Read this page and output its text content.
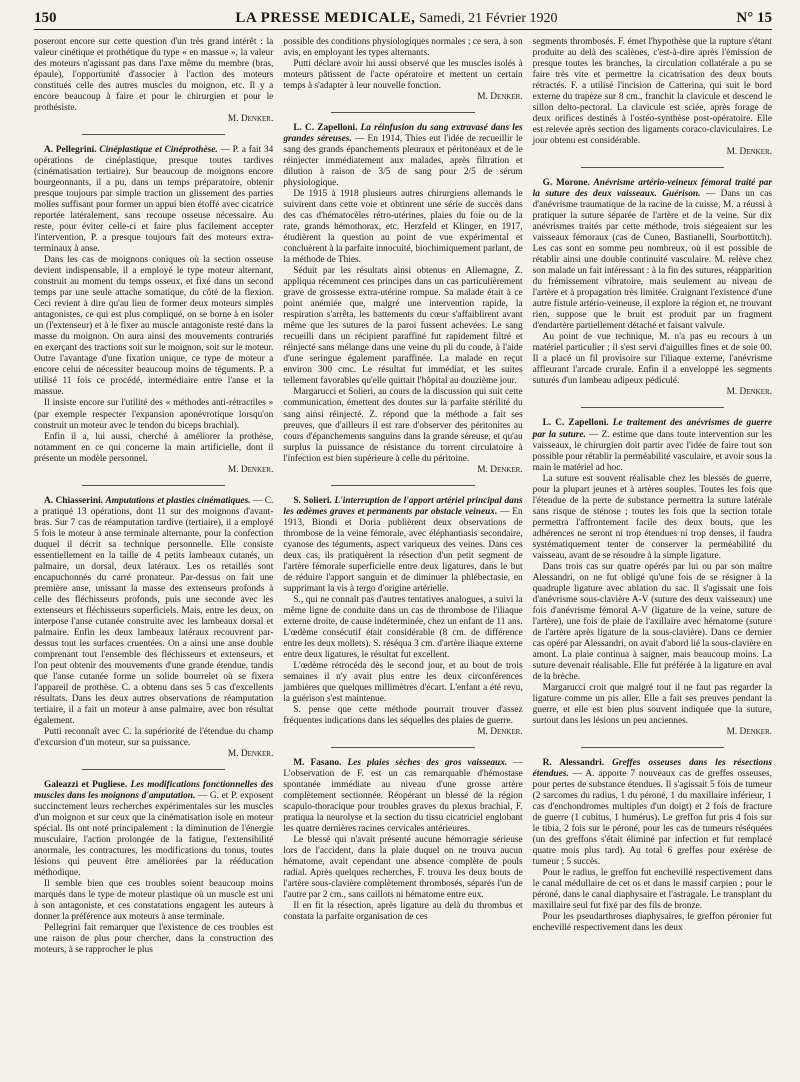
150	LA PRESSE MEDICALE, Samedi, 21 Février 1920	N° 15

poseront encore sur cette question d'un très grand intérêt : la valeur cinétique et prothétique du type « en massue », la valeur des moteurs n'agissant pas dans l'axe même du membre (bras, épaule), l'opportunité d'associer à l'action des moteurs constitués celle des autres muscles du moignon, etc. Il y a encore beaucoup à faire et pour le chirurgien et pour le prothésiste.

M. Denker.

A. Pellegrini. Cinéplastique et Cinéprothèse. — P. a fait 34 opérations de cinéplastique, presque toutes tardives (cinématisation tertiaire). Sur beaucoup de moignons encore bourgeonnants, il a pu, dans un temps préparatoire, obtenir presque toujours par simple traction un glissement des parties molles suffisant pour former un appui bien étoffé avec cicatrice reportée latéralement, sans recoupe osseuse nécessaire. Au reste, pour éviter celle-ci et faire plus facilement accepter l'intervention, P. a presque toujours fait des moteurs extra-terminaux à anse.

Dans les cas de moignons coniques où la section osseuse devient indispensable, il a employé le type moteur alternant, construit au moment du temps osseux, et fixé dans un second temps par une seule attache somatique, du côté de la flexion. Ceci revient à dire qu'au lieu de former deux moteurs simples antagonistes, ce qui est plus compliqué, on se borne à en isoler un (l'extenseur) et à le fixer au muscle antagoniste resté dans la masse du moignon. On aura ainsi des mouvements contrariés en exerçant des tractions soit sur le moignon, soit sur le moteur. Outre l'avantage d'une fixation unique, ce type de moteur a encore celui de nécessiter beaucoup moins de téguments. P. a utilisé 11 fois ce procédé, intermédiaire entre l'anse et la massue.

Il insiste encore sur l'utilité des « méthodes anti-rétractiles » (par exemple respecter l'expansion aponévrotique lorsqu'on construit un moteur avec le tendon du biceps brachial).

Enfin il a, lui aussi, cherché à améliorer la prothèse, notamment en ce qui concerne la main artificielle, dont il présente un modèle personnel.

M. Denker.

A. Chiasserini. Amputations et plasties cinématiques. — C. a pratiqué 13 opérations, dont 11 sur des moignons d'avant-bras. Sur 7 cas de réamputation tardive (tertiaire), il a employé 5 fois le moteur à anse terminale alternante, pour la confection duquel il décrit sa technique personnelle. Elle consiste essentiellement en la taille de 4 petits lambeaux cutanés, un palmaire, un dorsal, deux latéraux. Les os retaillés sont encapuchonnés du carré pronateur. Par-dessus on fait une première anse, unissant la masse des extenseurs profonds à celle des fléchisseurs profonds, puis une seconde avec les extenseurs et fléchisseurs superficiels. Mais, entre les deux, on interpose l'anse cutanée construite avec les lambeaux dorsal et palmaire. Enfin les deux lambeaux latéraux recouvrent par-dessus tout les surfaces cruentées. On a ainsi une anse double comprenant tout l'ensemble des fléchisseurs et extenseurs, et l'on peut obtenir des mouvements d'une grande étendue, tandis que l'anse cutanée forme un solide bourrelet où se fixera l'appareil de prothèse. C. a obtenu dans ses 5 cas d'excellents résultats. Dans les deux autres observations de réamputation tertiaire, il a fait un moteur à anse palmaire, avec bon résultat également.

Putti reconnaît avec C. la supériorité de l'étendue du champ d'excursion d'un moteur, sur sa puissance.

M. Denker.

Galeazzi et Pugliese. Les modifications fonctionnelles des muscles dans les moignons d'amputation. — G. et P. exposent succinctement leurs recherches expérimentales sur les muscles d'un moignon et sur ceux que la cinématisation isole en moteur spécial. Ils ont noté principalement : la diminution de l'énergie musculaire, l'action prolongée de la fatigue, l'extensibilité anormale, les contractures, les modifications du tonus, toutes lésions qui peuvent être améliorées par la rééducation méthodique.

Il semble bien que ces troubles soient beaucoup moins marqués dans le type de moteur plastique où un muscle est uni à son antagoniste, et ces constatations engagent les auteurs à donner la préférence aux moteurs à anse terminale.

Pellegrini fait remarquer que l'existence de ces troubles est une raison de plus pour chercher, dans la construction des moteurs, à se rapprocher le plus

possible des conditions physiologiques normales ; ce sera, à son avis, en employant les types alternants.

Putti déclare avoir lui aussi observé que les muscles isolés à moteurs pâtissent de l'acte opératoire et mettent un certain temps à s'adapter à leur nouvelle fonction.

M. Denker.

L. C. Zapelloni. La réinfusion du sang extravasé dans les grandes séreuses. — En 1914, Thies eut l'idée de recueillir le sang des grands épanchements pleuraux et péritonéaux et de le réinjecter immédiatement aux malades, après filtration et dilution à raison de 3/5 de sang pour 2/5 de sérum physiologique.

De 1915 à 1918 plusieurs autres chirurgiens allemands le suivirent dans cette voie et obtinrent une série de succès dans des cas d'hématocèles rétro-utérines, plaies du foie ou de la rate, grands hémothorax, etc. Herzfeld et Klinger, en 1917, étudièrent la question au point de vue expérimental et concluèrent à la parfaite innocuité, biochimiquement parlant, de la méthode de Thies.

Séduit par les résultats ainsi obtenus en Allemagne, Z. appliqua récemment ces principes dans un cas particulièrement grave de grossesse extra-utérine rompue. Sa malade était à ce point anémiée que, malgré une intervention rapide, la respiration s'arrêta, les battements du cœur s'affaiblirent avant même que les sutures de la paroi fussent achevées. Le sang recueilli dans un récipient paraffiné fut rapidement filtré et réinjecté sans mélange dans une veine du pli du coude, à l'aide d'une seringue également paraffinée. La malade en reçut environ 300 cmc. Le résultat fut immédiat, et les suites tellement favorables qu'elle quittait l'hôpital au douzième jour.

Margarucci et Solieri, au cours de la discussion qui suit cette communication, émettent des doutes sur la parfaite stérilité du sang ainsi réinjecté. Z. répond que la méthode a fait ses preuves, que d'ailleurs il est rare d'observer des péritonites au cours d'épanchements sanguins dans la grande séreuse, et qu'au surplus la puissance de résistance du torrent circulatoire à l'infection est bien supérieure à celle du péritoine.

M. Denker.

S. Solieri. L'interruption de l'apport artériel principal dans les œdèmes graves et permanents par obstacle veineux. — En 1913, Biondi et Doria publièrent deux observations de thrombose de la veine fémorale, avec éléphantiasis secondaire, cyanose des téguments, aspect variqueux des veines. Dans ces deux cas, ils pratiquèrent la résection d'un petit segment de l'artère fémorale superficielle entre deux ligatures, dans le but de réduire l'apport sanguin et de diminuer la phlébectasie, en supprimant la vis à tergo d'origine artérielle.

S., qui ne connaît pas d'autres tentatives analogues, a suivi la même ligne de conduite dans un cas de thrombose de l'iliaque externe droite, de cause indéterminée, chez un enfant de 11 ans. L'œdème consécutif était considérable (8 cm. de différence entre les deux mollets). S. réséqua 3 cm. d'artère iliaque externe entre deux ligatures, le résultat fut excellent.

L'œdème rétrocéda dès le second jour, et au bout de trois semaines il n'y avait plus entre les deux circonférences jambières que quelques millimètres d'écart. L'enfant a été revu, la guérison s'est maintenue.

S. pense que cette méthode pourrait trouver d'assez fréquentes indications dans les séquelles des plaies de guerre.

M. Denker.

M. Fasano. Les plaies sèches des gros vaisseaux. — L'observation de F. est un cas remarquable d'hémostase spontanée immédiate au niveau d'une grosse artère complètement sectionnée. Réopérant un blessé de la région scapulo-thoracique pour troubles graves du plexus brachial, F. pratiqua la neurolyse et la section du tissu cicatriciel englobant les quatre dernières racines cervicales antérieures.

Le blessé qui n'avait présenté aucune hémorragie sérieuse lors de l'accident, dans la plaie duquel on ne trouva aucun hématome, avait cependant une absence complète de pouls radial. Après quelques recherches, F. trouva les deux bouts de l'artère sous-clavière complètement thrombosés, séparés l'un de l'autre par 2 cm., sans caillots ni hématome entre eux.

Il en fit la résection, après ligature au delà du thrombus et constata la parfaite organisation de ces

segments thrombosés. F. émet l'hypothèse que la rupture s'étant produite au delà des scalènes, c'est-à-dire après l'émission de presque toutes les branches, la circulation collatérale a pu se faire très vite et permettre la cicatrisation des deux bouts rétractés. F. a utilisé l'incision de Catterina, qui suit le bord externe du trapèze sur 8 cm., franchit la clavicule et descend le sillon delto-pectoral. La clavicule est sciée, après forage de deux orifices destinés à l'ostéo-synthèse post-opératoire. Elle est relevée après section des ligaments coraco-claviculaires. Le jour obtenu est considérable.

M. Denker.

G. Morone. Anévrisme artério-veineux fémoral traité par la suture des deux vaisseaux. Guérison. — Dans un cas d'anévrisme traumatique de la racine de la cuisse, M. a réussi à pratiquer la suture séparée de l'artère et de la veine. Sur dix anévrismes traités par cette méthode, trois siégeaient sur les vaisseaux fémoraux (cas de Cuneo, Bastianelli, Sourbottitch). Les cas sont en somme peu nombreux, où il est possible de rétablir ainsi une double continuité vasculaire. M. relève chez son malade un fait intéressant : à la fin des sutures, réapparition du frémissement vibratoire, mais seulement au niveau de l'artère et à propagation très limitée. Craignant l'existence d'une autre fistule artério-veineuse, il explore la région et, ne trouvant rien, suppose que le bruit est produit par un fragment d'endartère partiellement détaché et faisant valvule.

Au point de vue technique, M. n'a pas eu recours à un matériel particulier ; il s'est servi d'aiguilles fines et de soie 00. Il a placé un fil provisoire sur l'iliaque externe, l'anévrisme affleurant l'arcade crurale. Enfin il a enveloppé les segments suturés d'un lambeau adipeux pédiculé.

M. Denker.

L. C. Zapelloni. Le traitement des anévrismes de guerre par la suture. — Z. estime que dans toute intervention sur les vaisseaux, le chirurgien doit partir avec l'idée de faire tout son possible pour rétablir la perméabilité vasculaire, et avoir sous la main le matériel ad hoc.

La suture est souvent réalisable chez les blessés de guerre, pour la plupart jeunes et à artères souples. Toutes les fois que l'étendue de la perte de substance permettra la suture latérale sans risque de sténose ; toutes les fois que la section totale permettra l'affrontement facile des deux bouts, que les adhérences ne seront ni trop étendues ni trop denses, il faudra systématiquement tenter de conserver la perméabilité du vaisseau, avant de se résoudre à la simple ligature.

Dans trois cas sur quatre opérés par lui ou par son maître Alessandri, on ne fut obligé qu'une fois de se résigner à la quadruple ligature avec ablation du sac. Il s'agissait une fois d'anévrisme sous-clavière A-V (suture des deux vaisseaux) une fois d'anévrisme fémoral A-V (ligature de la veine, suture de l'artère), une fois de plaie de l'axillaire avec hématome (suture de l'artère après ligature de la sous-clavière). Dans ce dernier cas opéré par Alessandri, on avait d'abord lié la sous-clavière en amont. La plaie continua à saigner, mais beaucoup moins. La suture devenait réalisable. Elle fut préférée à la ligature en aval de la brèche.

Margarucci croit que malgré tout il ne faut pas regarder la ligature comme un pis aller. Elle a fait ses preuves pendant la guerre, et elle est bien plus souvent indiquée que la suture, surtout dans les lésions un peu anciennes.

M. Denker.

R. Alessandri. Greffes osseuses dans les résections étendues. — A. apporte 7 nouveaux cas de greffes osseuses, pour pertes de substance étendues. Il s'agissait 5 fois de tumeur (2 sarcomes du radius, 1 du péroné, 1 du maxillaire inférieur, 1 cas d'enchondromes multiples d'un doigt) et 2 fois de fracture de guerre (1 cubitus, 1 humérus). Le greffon fut pris 4 fois sur le tibia, 2 fois sur le péroné, pour les cas de tumeurs réséquées (un des greffons s'était éliminé par infection et fut remplacé quatre mois plus tard). Au total 6 greffes pour exérèse de tumeur ; 5 succès.

Pour le radius, le greffon fut enchevillé respectivement dans le canal médullaire de cet os et dans le massif carpien ; pour le péroné, dans le canal diaphysaire et l'astragale. Le transplant du maxillaire seul fut fixé par des fils de bronze.

Pour les pseudarthroses diaphysaires, le greffon péronier fut enchevillé respectivement dans les deux
